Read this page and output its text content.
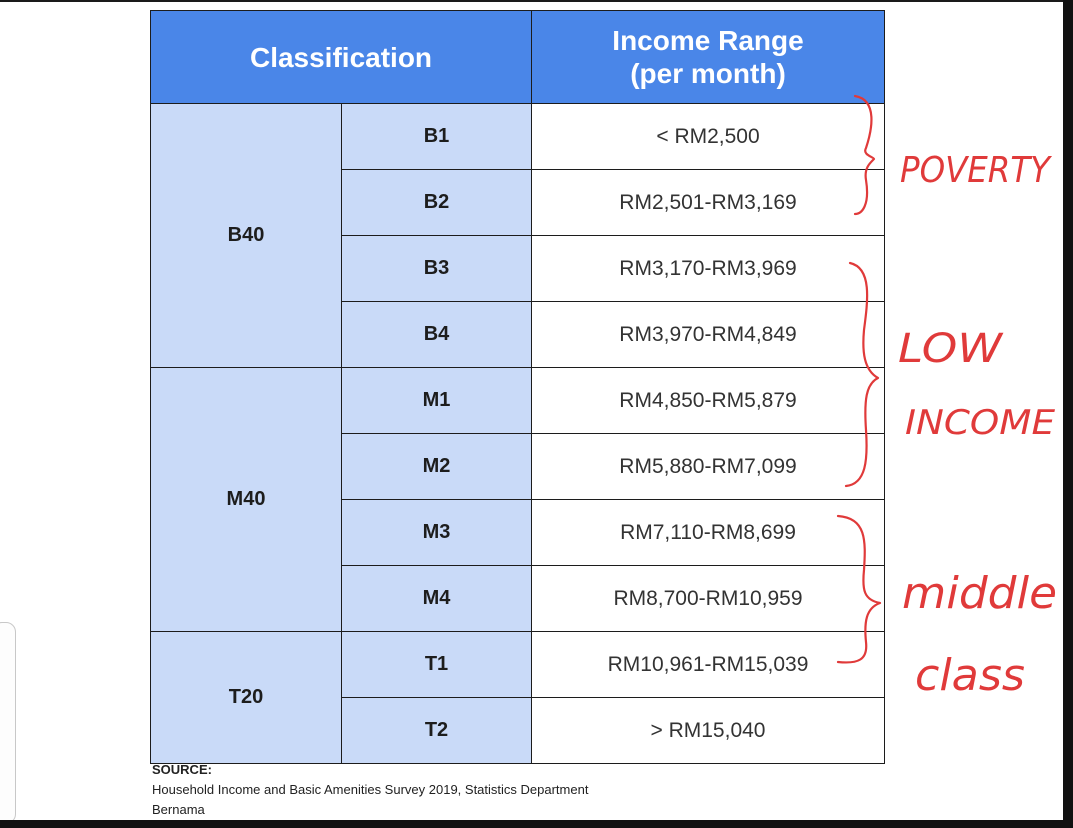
Classification		Income Range
(per month)

B40	B1	< RM2,500
	B2	RM2,501-RM3,169
	B3	RM3,170-RM3,969
	B4	RM3,970-RM4,849
M40	M1	RM4,850-RM5,879
	M2	RM5,880-RM7,099
	M3	RM7,110-RM8,699
	M4	RM8,700-RM10,959
T20	T1	RM10,961-RM15,039
	T2	> RM15,040
SOURCE:
Household Income and Basic Amenities Survey 2019, Statistics Department
Bernama
POVERTY
LOW
INCOME
middle
class
